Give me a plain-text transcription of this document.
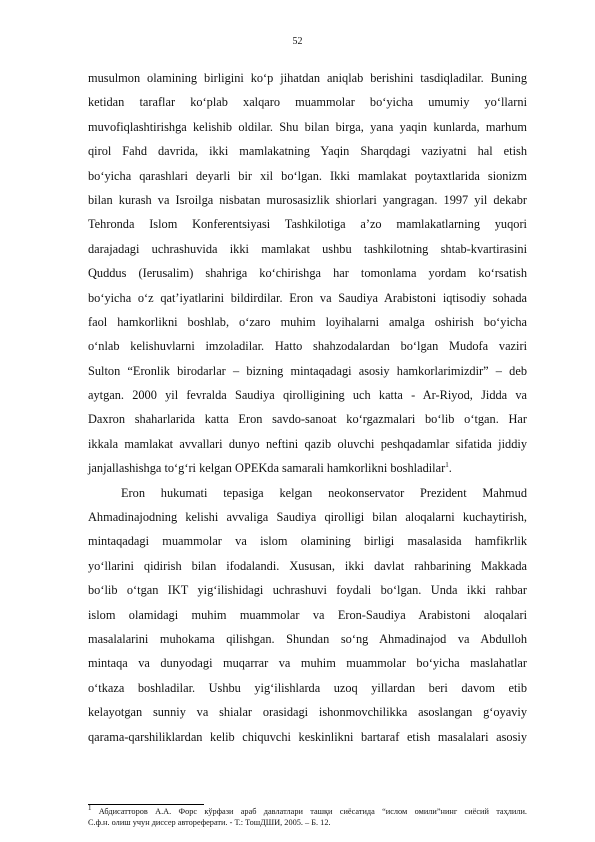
52
musulmon olamining birligini ko‘p jihatdan aniqlab berishini tasdiqladilar. Buning
ketidan taraflar ko‘plab xalqaro muammolar bo‘yicha umumiy yo‘llarni
muvofiqlashtirishga kelishib oldilar. Shu bilan birga, yana yaqin kunlarda, marhum
qirol Fahd davrida, ikki mamlakatning Yaqin Sharqdagi vaziyatni hal etish
bo‘yicha qarashlari deyarli bir xil bo‘lgan. Ikki mamlakat poytaxtlarida sionizm
bilan kurash va Isroilga nisbatan murosasizlik shiorlari yangragan. 1997 yil dekabr
Tehronda Islom Konferentsiyasi Tashkilotiga a’zo mamlakatlarning yuqori
darajadagi uchrashuvida ikki mamlakat ushbu tashkilotning shtab-kvartirasini
Quddus (Ierusalim) shahriga ko‘chirishga har tomonlama yordam ko‘rsatish
bo‘yicha o‘z qat’iyatlarini bildirdilar. Eron va Saudiya Arabistoni iqtisodiy sohada
faol hamkorlikni boshlab, o‘zaro muhim loyihalarni amalga oshirish bo‘yicha
o‘nlab kelishuvlarni imzoladilar. Hatto shahzodalardan bo‘lgan Mudofa vaziri
Sulton “Eronlik birodarlar – bizning mintaqadagi asosiy hamkorlarimizdir” – deb
aytgan. 2000 yil fevralda Saudiya qirolligining uch katta - Ar-Riyod, Jidda va
Daxron shaharlarida katta Eron savdo-sanoat ko‘rgazmalari bo‘lib o‘tgan. Har
ikkala mamlakat avvallari dunyo neftini qazib oluvchi peshqadamlar sifatida jiddiy
janjallashishga to‘g‘ri kelgan OPEKda samarali hamkorlikni boshladilar$^1$.
Eron hukumati tepasiga kelgan neokonservator Prezident Mahmud
Ahmadinajodning kelishi avvaliga Saudiya qirolligi bilan aloqalarni kuchaytirish,
mintaqadagi muammolar va islom olamining birligi masalasida hamfikrlik
yo‘llarini qidirish bilan ifodalandi. Xususan, ikki davlat rahbarining Makkada
bo‘lib o‘tgan IKT yig‘ilishidagi uchrashuvi foydali bo‘lgan. Unda ikki rahbar
islom olamidagi muhim muammolar va Eron-Saudiya Arabistoni aloqalari
masalalarini muhokama qilishgan. Shundan so‘ng Ahmadinajod va Abdulloh
mintaqa va dunyodagi muqarrar va muhim muammolar bo‘yicha maslahatlar
o‘tkaza boshladilar. Ushbu yig‘ilishlarda uzoq yillardan beri davom etib
kelayotgan sunniy va shialar orasidagi ishonmovchilikka asoslangan g‘oyaviy
qarama-qarshiliklardan kelib chiquvchi keskinlikni bartaraf etish masalalari asosiy
$^1$ Абдисатторов А.А. Форс кўрфази араб давлатлари ташқи сиёсатида “ислом омили”нинг сиёсий таҳлили.
С.ф.н. олиш учун диссер автореферати. - Т.: ТошДШИ, 2005. – Б. 12.
